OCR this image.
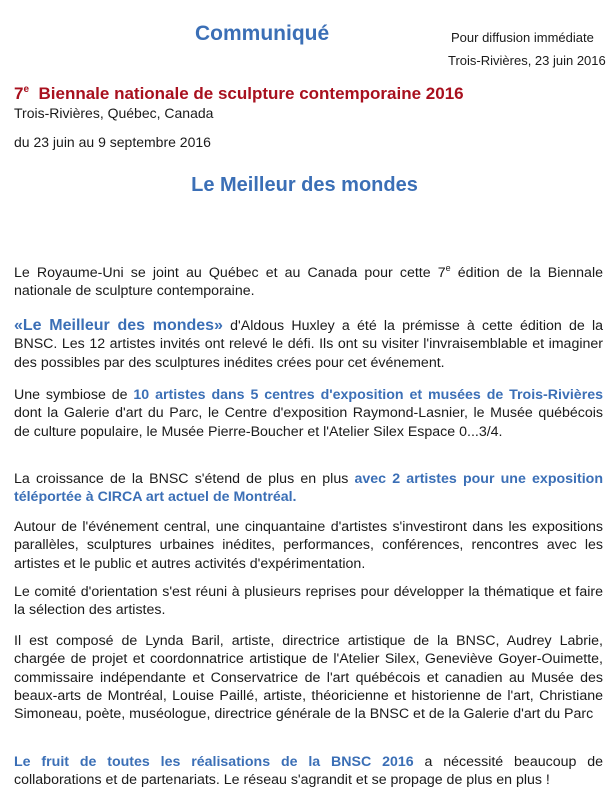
Communiqué	Pour diffusion immédiate
Trois-Rivières, 23 juin 2016
7e Biennale nationale de sculpture contemporaine 2016
Trois-Rivières, Québec, Canada
du 23 juin au 9 septembre 2016
Le Meilleur des mondes
Le Royaume-Uni se joint au Québec et au Canada pour cette 7e édition de la Biennale nationale de sculpture contemporaine.
«Le Meilleur des mondes» d'Aldous Huxley a été la prémisse à cette édition de la BNSC. Les 12 artistes invités ont relevé le défi. Ils ont su visiter l'invraisemblable et imaginer des possibles par des sculptures inédites crées pour cet événement.
Une symbiose de 10 artistes dans 5 centres d'exposition et musées de Trois-Rivières dont la Galerie d'art du Parc, le Centre d'exposition Raymond-Lasnier, le Musée québécois de culture populaire, le Musée Pierre-Boucher et l'Atelier Silex Espace 0...3/4.
La croissance de la BNSC s'étend de plus en plus avec 2 artistes pour une exposition téléportée à CIRCA art actuel de Montréal.
Autour de l'événement central, une cinquantaine d'artistes s'investiront dans les expositions parallèles, sculptures urbaines inédites, performances, conférences, rencontres avec les artistes et le public et autres activités d'expérimentation.
Le comité d'orientation s'est réuni à plusieurs reprises pour développer la thématique et faire la sélection des artistes.
Il est composé de Lynda Baril, artiste, directrice artistique de la BNSC, Audrey Labrie, chargée de projet et coordonnatrice artistique de l'Atelier Silex, Geneviève Goyer-Ouimette, commissaire indépendante et Conservatrice de l'art québécois et canadien au Musée des beaux-arts de Montréal, Louise Paillé, artiste, théoricienne et historienne de l'art, Christiane Simoneau, poète, muséologue, directrice générale de la BNSC et de la Galerie d'art du Parc
Le fruit de toutes les réalisations de la BNSC 2016 a nécessité beaucoup de collaborations et de partenariats. Le réseau s'agrandit et se propage de plus en plus !
